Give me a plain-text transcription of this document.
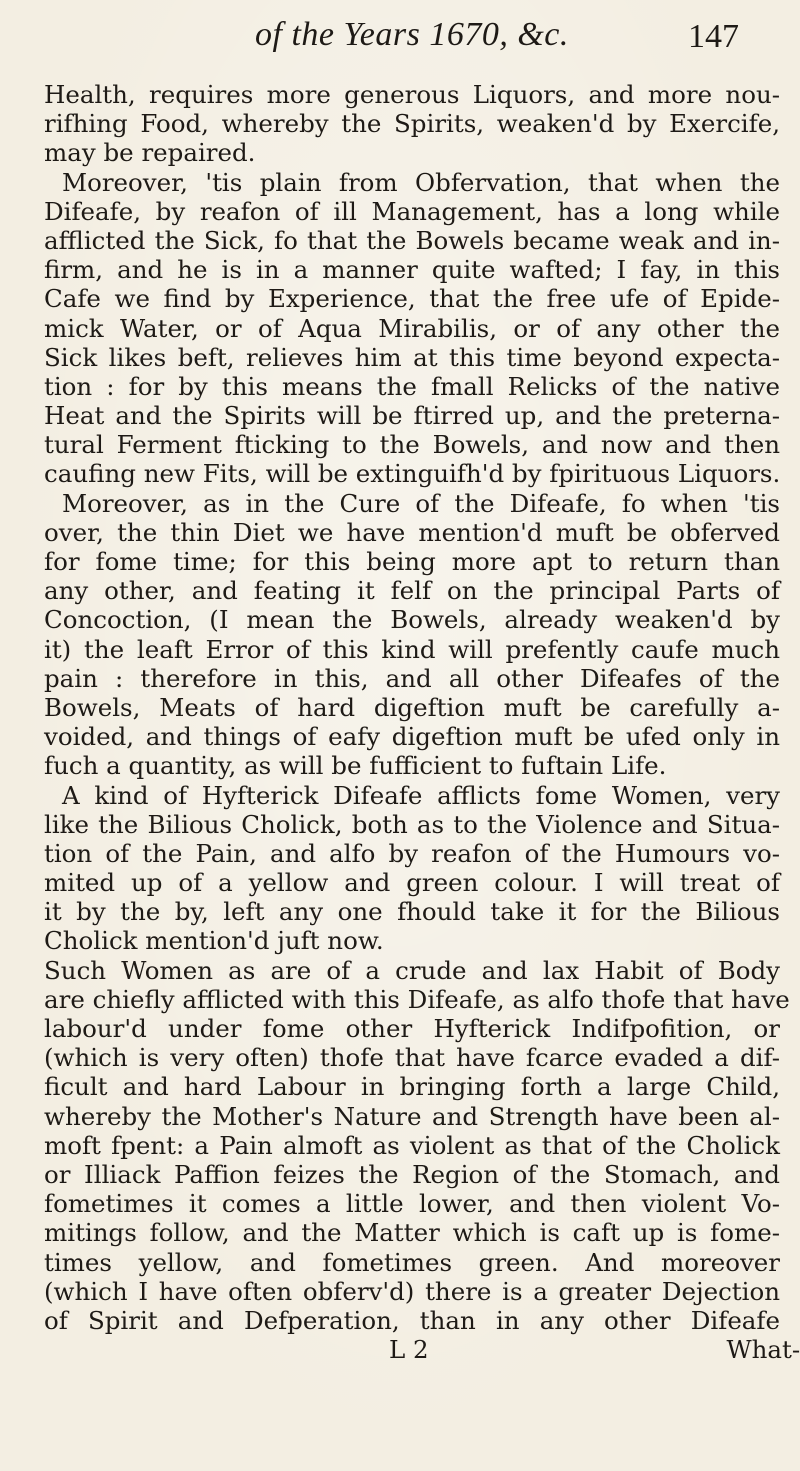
of the Years 1670, &c.	147
Health, requires more generous Liquors, and more nou-
rifhing Food, whereby the Spirits, weaken'd by Exercife,
may be repaired.
Moreover, 'tis plain from Obfervation, that when the
Difeafe, by reafon of ill Management, has a long while
afflicted the Sick, fo that the Bowels became weak and in-
firm, and he is in a manner quite wafted; I fay, in this
Cafe we find by Experience, that the free ufe of Epide-
mick Water, or of Aqua Mirabilis, or of any other the
Sick likes beft, relieves him at this time beyond expecta-
tion : for by this means the fmall Relicks of the native
Heat and the Spirits will be ftirred up, and the preterna-
tural Ferment fticking to the Bowels, and now and then
caufing new Fits, will be extinguifh'd by fpirituous Liquors.
Moreover, as in the Cure of the Difeafe, fo when 'tis
over, the thin Diet we have mention'd muft be obferved
for fome time; for this being more apt to return than
any other, and feating it felf on the principal Parts of
Concoction, (I mean the Bowels, already weaken'd by
it) the leaft Error of this kind will prefently caufe much
pain : therefore in this, and all other Difeafes of the
Bowels, Meats of hard digeftion muft be carefully a-
voided, and things of eafy digeftion muft be ufed only in
fuch a quantity, as will be fufficient to fuftain Life.
A kind of Hyfterick Difeafe afflicts fome Women, very
like the Bilious Cholick, both as to the Violence and Situa-
tion of the Pain, and alfo by reafon of the Humours vo-
mited up of a yellow and green colour. I will treat of
it by the by, left any one fhould take it for the Bilious
Cholick mention'd juft now.
Such Women as are of a crude and lax Habit of Body
are chiefly afflicted with this Difeafe, as alfo thofe that have
labour'd under fome other Hyfterick Indifpofition, or
(which is very often) thofe that have fcarce evaded a dif-
ficult and hard Labour in bringing forth a large Child,
whereby the Mother's Nature and Strength have been al-
moft fpent: a Pain almoft as violent as that of the Cholick
or Illiack Paffion feizes the Region of the Stomach, and
fometimes it comes a little lower, and then violent Vo-
mitings follow, and the Matter which is caft up is fome-
times yellow, and fometimes green. And moreover
(which I have often obferv'd) there is a greater Dejection
of Spirit and Defperation, than in any other Difeafe
L 2	What-
